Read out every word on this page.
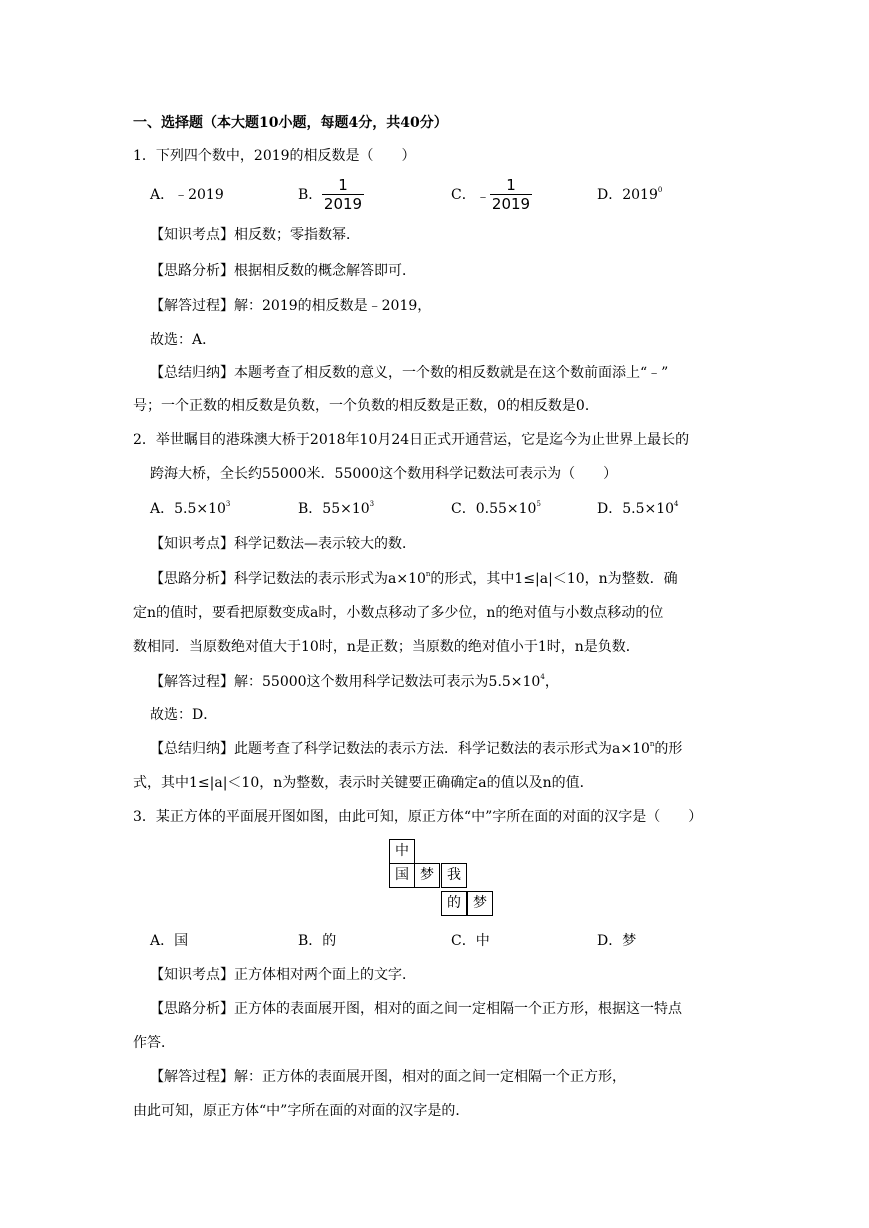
一、选择题（本大题10小题，每题4分，共40分）
1．下列四个数中，2019的相反数是（　　）
A．﹣2019	B．
1
2019	C． ﹣
1
2019	D．2019$^0$
【知识考点】相反数；零指数幂．
【思路分析】根据相反数的概念解答即可．
【解答过程】解：2019的相反数是﹣2019，
故选：A．
【总结归纳】本题考查了相反数的意义，一个数的相反数就是在这个数前面添上“﹣”
号；一个正数的相反数是负数，一个负数的相反数是正数，0的相反数是0．
2．举世瞩目的港珠澳大桥于2018年10月24日正式开通营运，它是迄今为止世界上最长的
跨海大桥，全长约55000米．55000这个数用科学记数法可表示为（　　）
A．$5.5\times 10^3$	B．$55\times 10^3$	C．$0.55\times 10^5$	D．$5.5\times 10^4$
【知识考点】科学记数法—表示较大的数．
【思路分析】科学记数法的表示形式为$a\times 10^n$的形式，其中1≤|a|＜10，n为整数．确
定n的值时，要看把原数变成a时，小数点移动了多少位，n的绝对值与小数点移动的位
数相同．当原数绝对值大于10时，n是正数；当原数的绝对值小于1时，n是负数．
【解答过程】解：55000这个数用科学记数法可表示为$5.5\times 10^4$，
故选：D．
【总结归纳】此题考查了科学记数法的表示方法．科学记数法的表示形式为$a\times 10^n$的形
式，其中1≤|a|＜10，n为整数，表示时关键要正确确定a的值以及n的值．
3．某正方体的平面展开图如图，由此可知，原正方体“中”字所在面的对面的汉字是（　　）
中
国 梦 我
的 梦
A．国	B．的	C．中	D．梦
【知识考点】正方体相对两个面上的文字．
【思路分析】正方体的表面展开图，相对的面之间一定相隔一个正方形，根据这一特点
作答．
【解答过程】解：正方体的表面展开图，相对的面之间一定相隔一个正方形，
由此可知，原正方体“中”字所在面的对面的汉字是的．
